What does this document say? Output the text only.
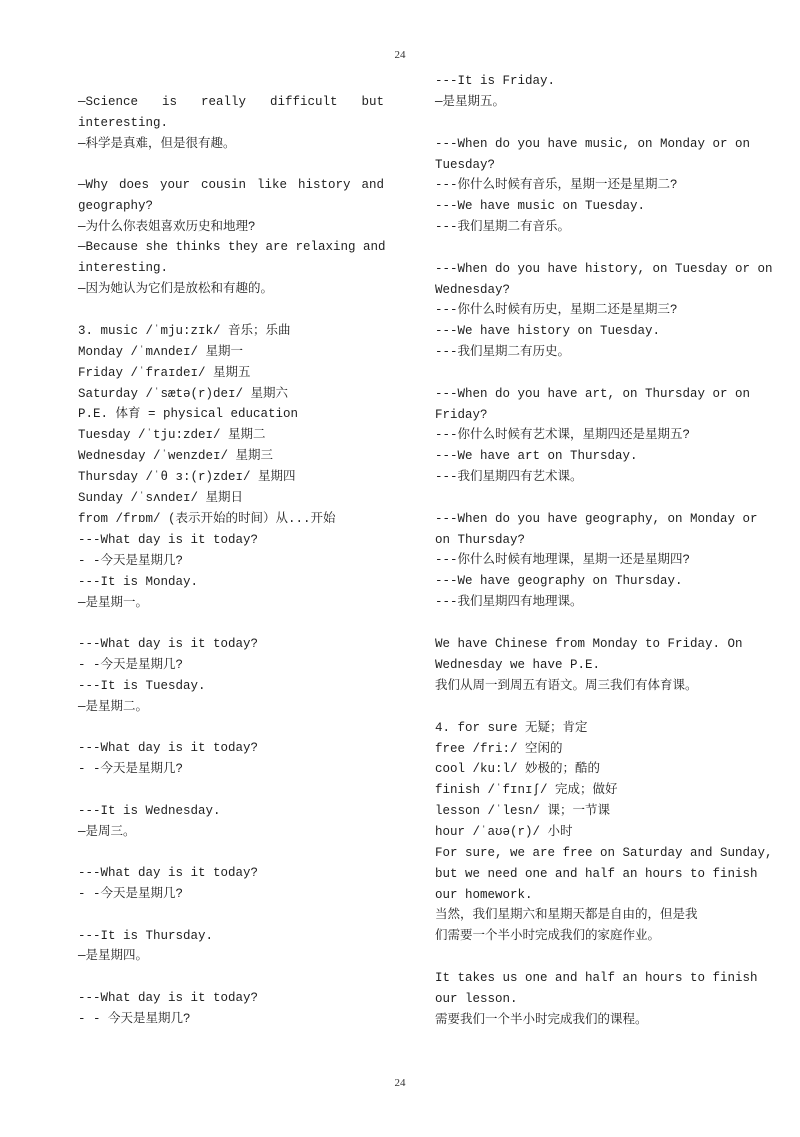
24
—Science is really difficult but
interesting.
—科学是真难，但是很有趣。
—Why does your cousin like history and
geography?
—为什么你表姐喜欢历史和地理?
—Because she thinks they are relaxing and
interesting.
—因为她认为它们是放松和有趣的。
3. music /ˈmju:zɪk/ 音乐；乐曲
Monday /ˈmʌndeɪ/ 星期一
Friday /ˈfraɪdeɪ/ 星期五
Saturday /ˈsætə(r)deɪ/ 星期六
P.E. 体育 = physical education
Tuesday /ˈtju:zdeɪ/ 星期二
Wednesday /ˈwenzdeɪ/ 星期三
Thursday /ˈθ ɜ:(r)zdeɪ/ 星期四
Sunday /ˈsʌndeɪ/ 星期日
from /frɒm/ (表示开始的时间）从...开始
---What day is it today?
- -今天是星期几?
---It is Monday.
—是星期一。
---What day is it today?
- -今天是星期几?
---It is Tuesday.
—是星期二。
---What day is it today?
- -今天是星期几?
---It is Wednesday.
—是周三。
---What day is it today?
- -今天是星期几?
---It is Thursday.
—是星期四。
---What day is it today?
- - 今天是星期几?
---It is Friday.
—是星期五。
---When do you have music, on Monday or on
Tuesday?
---你什么时候有音乐，星期一还是星期二?
---We have music on Tuesday.
---我们星期二有音乐。
---When do you have history, on Tuesday or on
Wednesday?
---你什么时候有历史，星期二还是星期三?
---We have history on Tuesday.
---我们星期二有历史。
---When do you have art, on Thursday or on
Friday?
---你什么时候有艺术课，星期四还是星期五?
---We have art on Thursday.
---我们星期四有艺术课。
---When do you have geography, on Monday or
on Thursday?
---你什么时候有地理课，星期一还是星期四?
---We have geography on Thursday.
---我们星期四有地理课。
We have Chinese from Monday to Friday. On
Wednesday we have P.E.
我们从周一到周五有语文。周三我们有体育课。
4. for sure 无疑；肯定
free /fri:/ 空闲的
cool /ku:l/ 妙极的；酷的
finish /ˈfɪnɪʃ/ 完成；做好
lesson /ˈlesn/ 课；一节课
hour /ˈaʊə(r)/ 小时
For sure, we are free on Saturday and Sunday,
but we need one and half an hours to finish
our homework.
当然，我们星期六和星期天都是自由的，但是我
们需要一个半小时完成我们的家庭作业。
It takes us one and half an hours to finish
our lesson.
需要我们一个半小时完成我们的课程。
24
